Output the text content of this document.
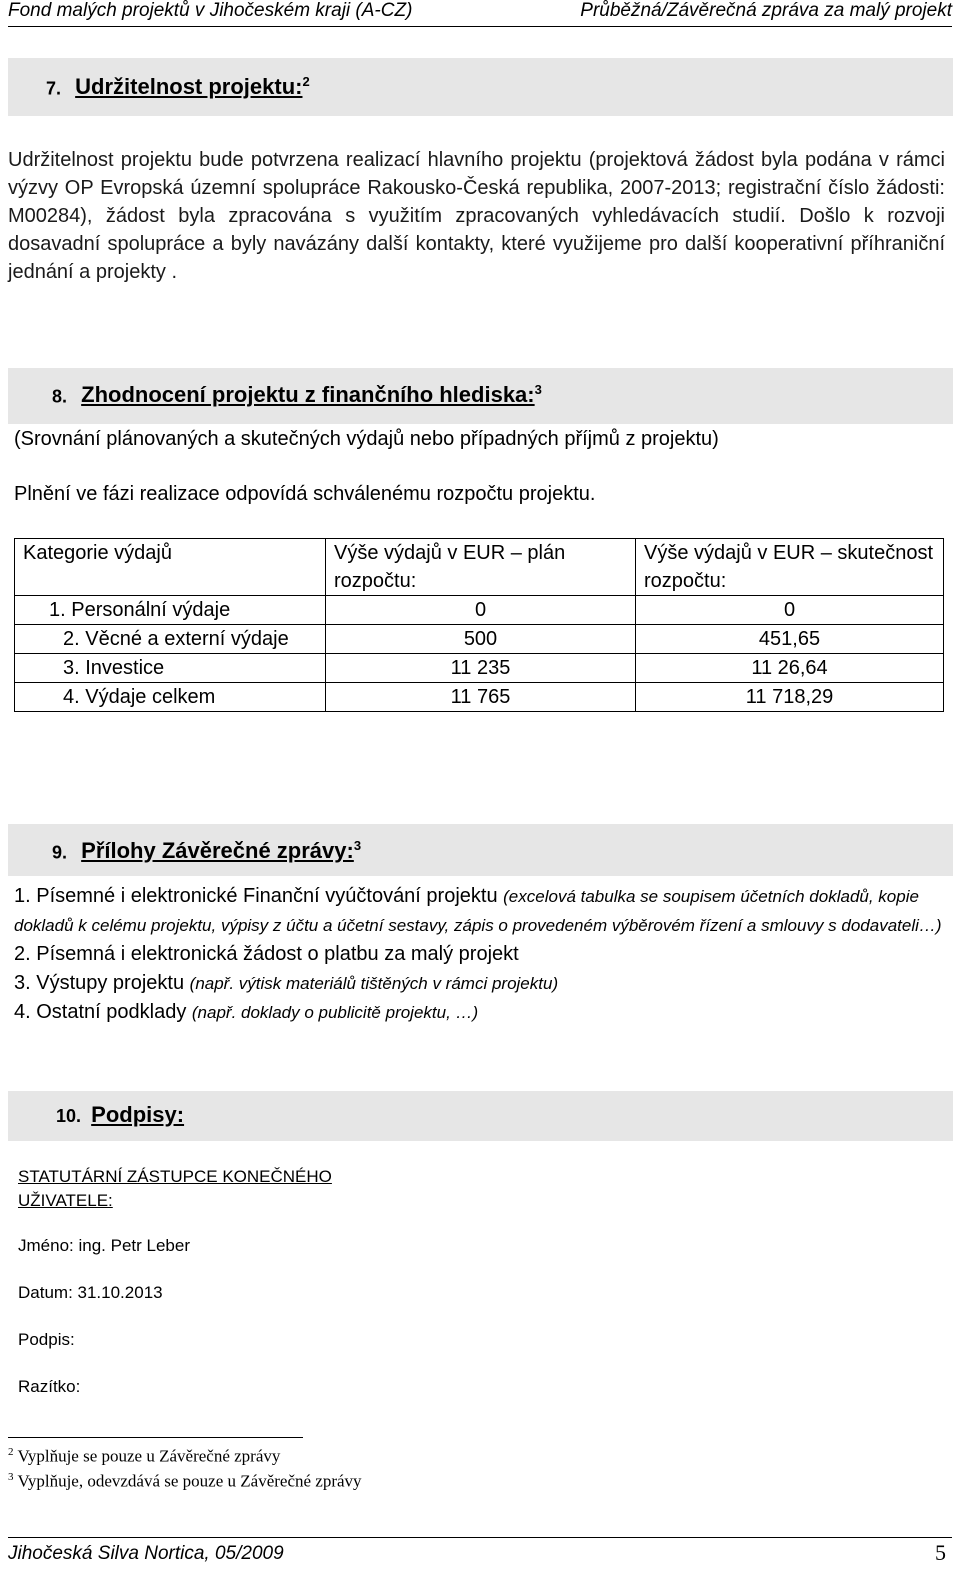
Fond malých projektů v Jihočeském kraji (A-CZ)	Průběžná/Závěrečná zpráva za malý projekt
7. Udržitelnost projektu:$^2$
Udržitelnost projektu bude potvrzena realizací hlavního projektu (projektová žádost byla podána v rámci výzvy OP Evropská územní spolupráce Rakousko-Česká republika, 2007-2013; registrační číslo žádosti: M00284), žádost byla zpracována s využitím zpracovaných vyhledávacích studií. Došlo k rozvoji dosavadní spolupráce a byly navázány další kontakty, které využijeme pro další kooperativní příhraniční jednání a projekty .
8. Zhodnocení projektu z finančního hlediska:$^3$
(Srovnání plánovaných a skutečných výdajů nebo případných příjmů z projektu)
Plnění ve fázi realizace odpovídá schválenému rozpočtu projektu.
Kategorie výdajů	Výše výdajů v EUR – plán rozpočtu:	Výše výdajů v EUR – skutečnost rozpočtu:
1. Personální výdaje	0	0
2. Věcné a externí výdaje	500	451,65
3. Investice	11 235	11 26,64
4. Výdaje celkem	11 765	11 718,29
9. Přílohy Závěrečné zprávy:$^3$
1. Písemné i elektronické Finanční vyúčtování projektu (excelová tabulka se soupisem účetních dokladů, kopie dokladů k celému projektu, výpisy z účtu a účetní sestavy, zápis o provedeném výběrovém řízení a smlouvy s dodavateli…)
2. Písemná i elektronická žádost o platbu za malý projekt
3. Výstupy projektu (např. výtisk materiálů tištěných v rámci projektu)
4. Ostatní podklady (např. doklady o publicitě projektu, …)
10. Podpisy:
STATUTÁRNÍ ZÁSTUPCE KONEČNÉHO
UŽIVATELE:
Jméno: ing. Petr Leber
Datum: 31.10.2013
Podpis:
Razítko:
$^2$ Vyplňuje se pouze u Závěrečné zprávy
$^3$ Vyplňuje, odevzdává se pouze u Závěrečné zprávy
Jihočeská Silva Nortica, 05/2009	5
